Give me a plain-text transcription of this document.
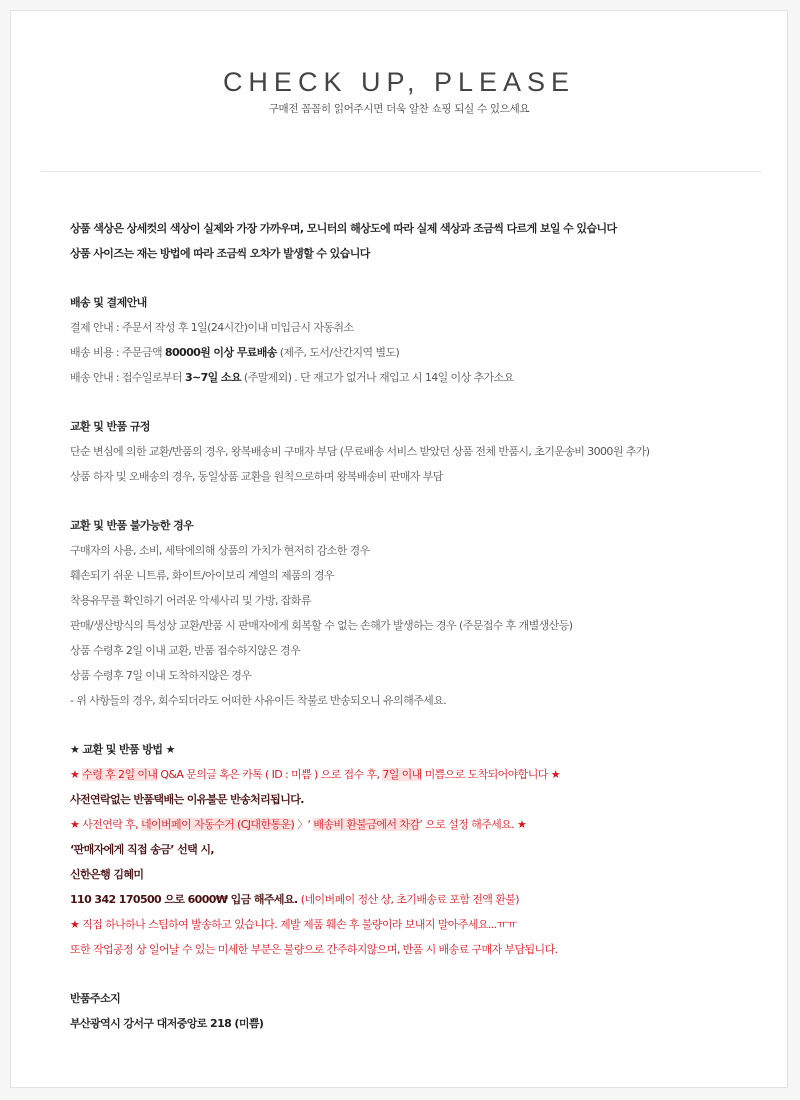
CHECK UP, PLEASE
구매전 꼼꼼히 읽어주시면 더욱 알찬 쇼핑 되실 수 있으세요
상품 색상은 상세컷의 색상이 실제와 가장 가까우며, 모니터의 해상도에 따라 실제 색상과 조금씩 다르게 보일 수 있습니다
상품 사이즈는 재는 방법에 따라 조금씩 오차가 발생할 수 있습니다
배송 및 결제안내
결제 안내 : 주문서 작성 후 1일(24시간)이내 미입금시 자동취소
배송 비용 : 주문금액 80000원 이상 무료배송 (제주, 도서/산간지역 별도)
배송 안내 : 접수일로부터 3~7일 소요 (주말제외) . 단 재고가 없거나 재입고 시 14일 이상 추가소요
교환 및 반품 규정
단순 변심에 의한 교환/반품의 경우, 왕복배송비 구매자 부담 (무료배송 서비스 받았던 상품 전체 반품시, 초기운송비 3000원 추가)
상품 하자 및 오배송의 경우, 동일상품 교환을 원칙으로하며 왕복배송비 판매자 부담
교환 및 반품 불가능한 경우
구매자의 사용, 소비, 세탁에의해 상품의 가치가 현저히 감소한 경우
훼손되기 쉬운 니트류, 화이트/아이보리 계열의 제품의 경우
착용유무를 확인하기 어려운 악세사리 및 가방, 잡화류
판매/생산방식의 특성상 교환/반품 시 판매자에게 회복할 수 없는 손해가 발생하는 경우 (주문접수 후 개별생산등)
상품 수령후 2일 이내 교환, 반품 접수하지않은 경우
상품 수령후 7일 이내 도착하지않은 경우
- 위 사항들의 경우, 회수되더라도 어떠한 사유이든 착불로 반송되오니 유의해주세요.
★ 교환 및 반품 방법 ★
★ 수령 후 2일 이내 Q&A 문의글 혹은 카톡 ( ID : 미쁨 ) 으로 접수 후, 7일 이내 미쁨으로 도착되어야합니다 ★
사전연락없는 반품택배는 이유불문 반송처리됩니다.
★ 사전연락 후, 네이버페이 자동수거 (CJ대한통운) 〉‘ 배송비 환불금에서 차감’ 으로 설정 해주세요. ★
‘판매자에게 직접 송금’ 선택 시,
신한은행 김혜미
110 342 170500 으로 6000₩ 입금 해주세요. (네이버페이 정산 상, 초기배송료 포함 전액 환불)
★ 직접 하나하나 스팀하여 발송하고 있습니다. 제발 제품 훼손 후 불량이라 보내지 말아주세요...ㅠㅠ
또한 작업공정 상 일어날 수 있는 미세한 부분은 불량으로 간주하지않으며, 반품 시 배송료 구매자 부담됩니다.
반품주소지
부산광역시 강서구 대저중앙로 218 (미쁨)
